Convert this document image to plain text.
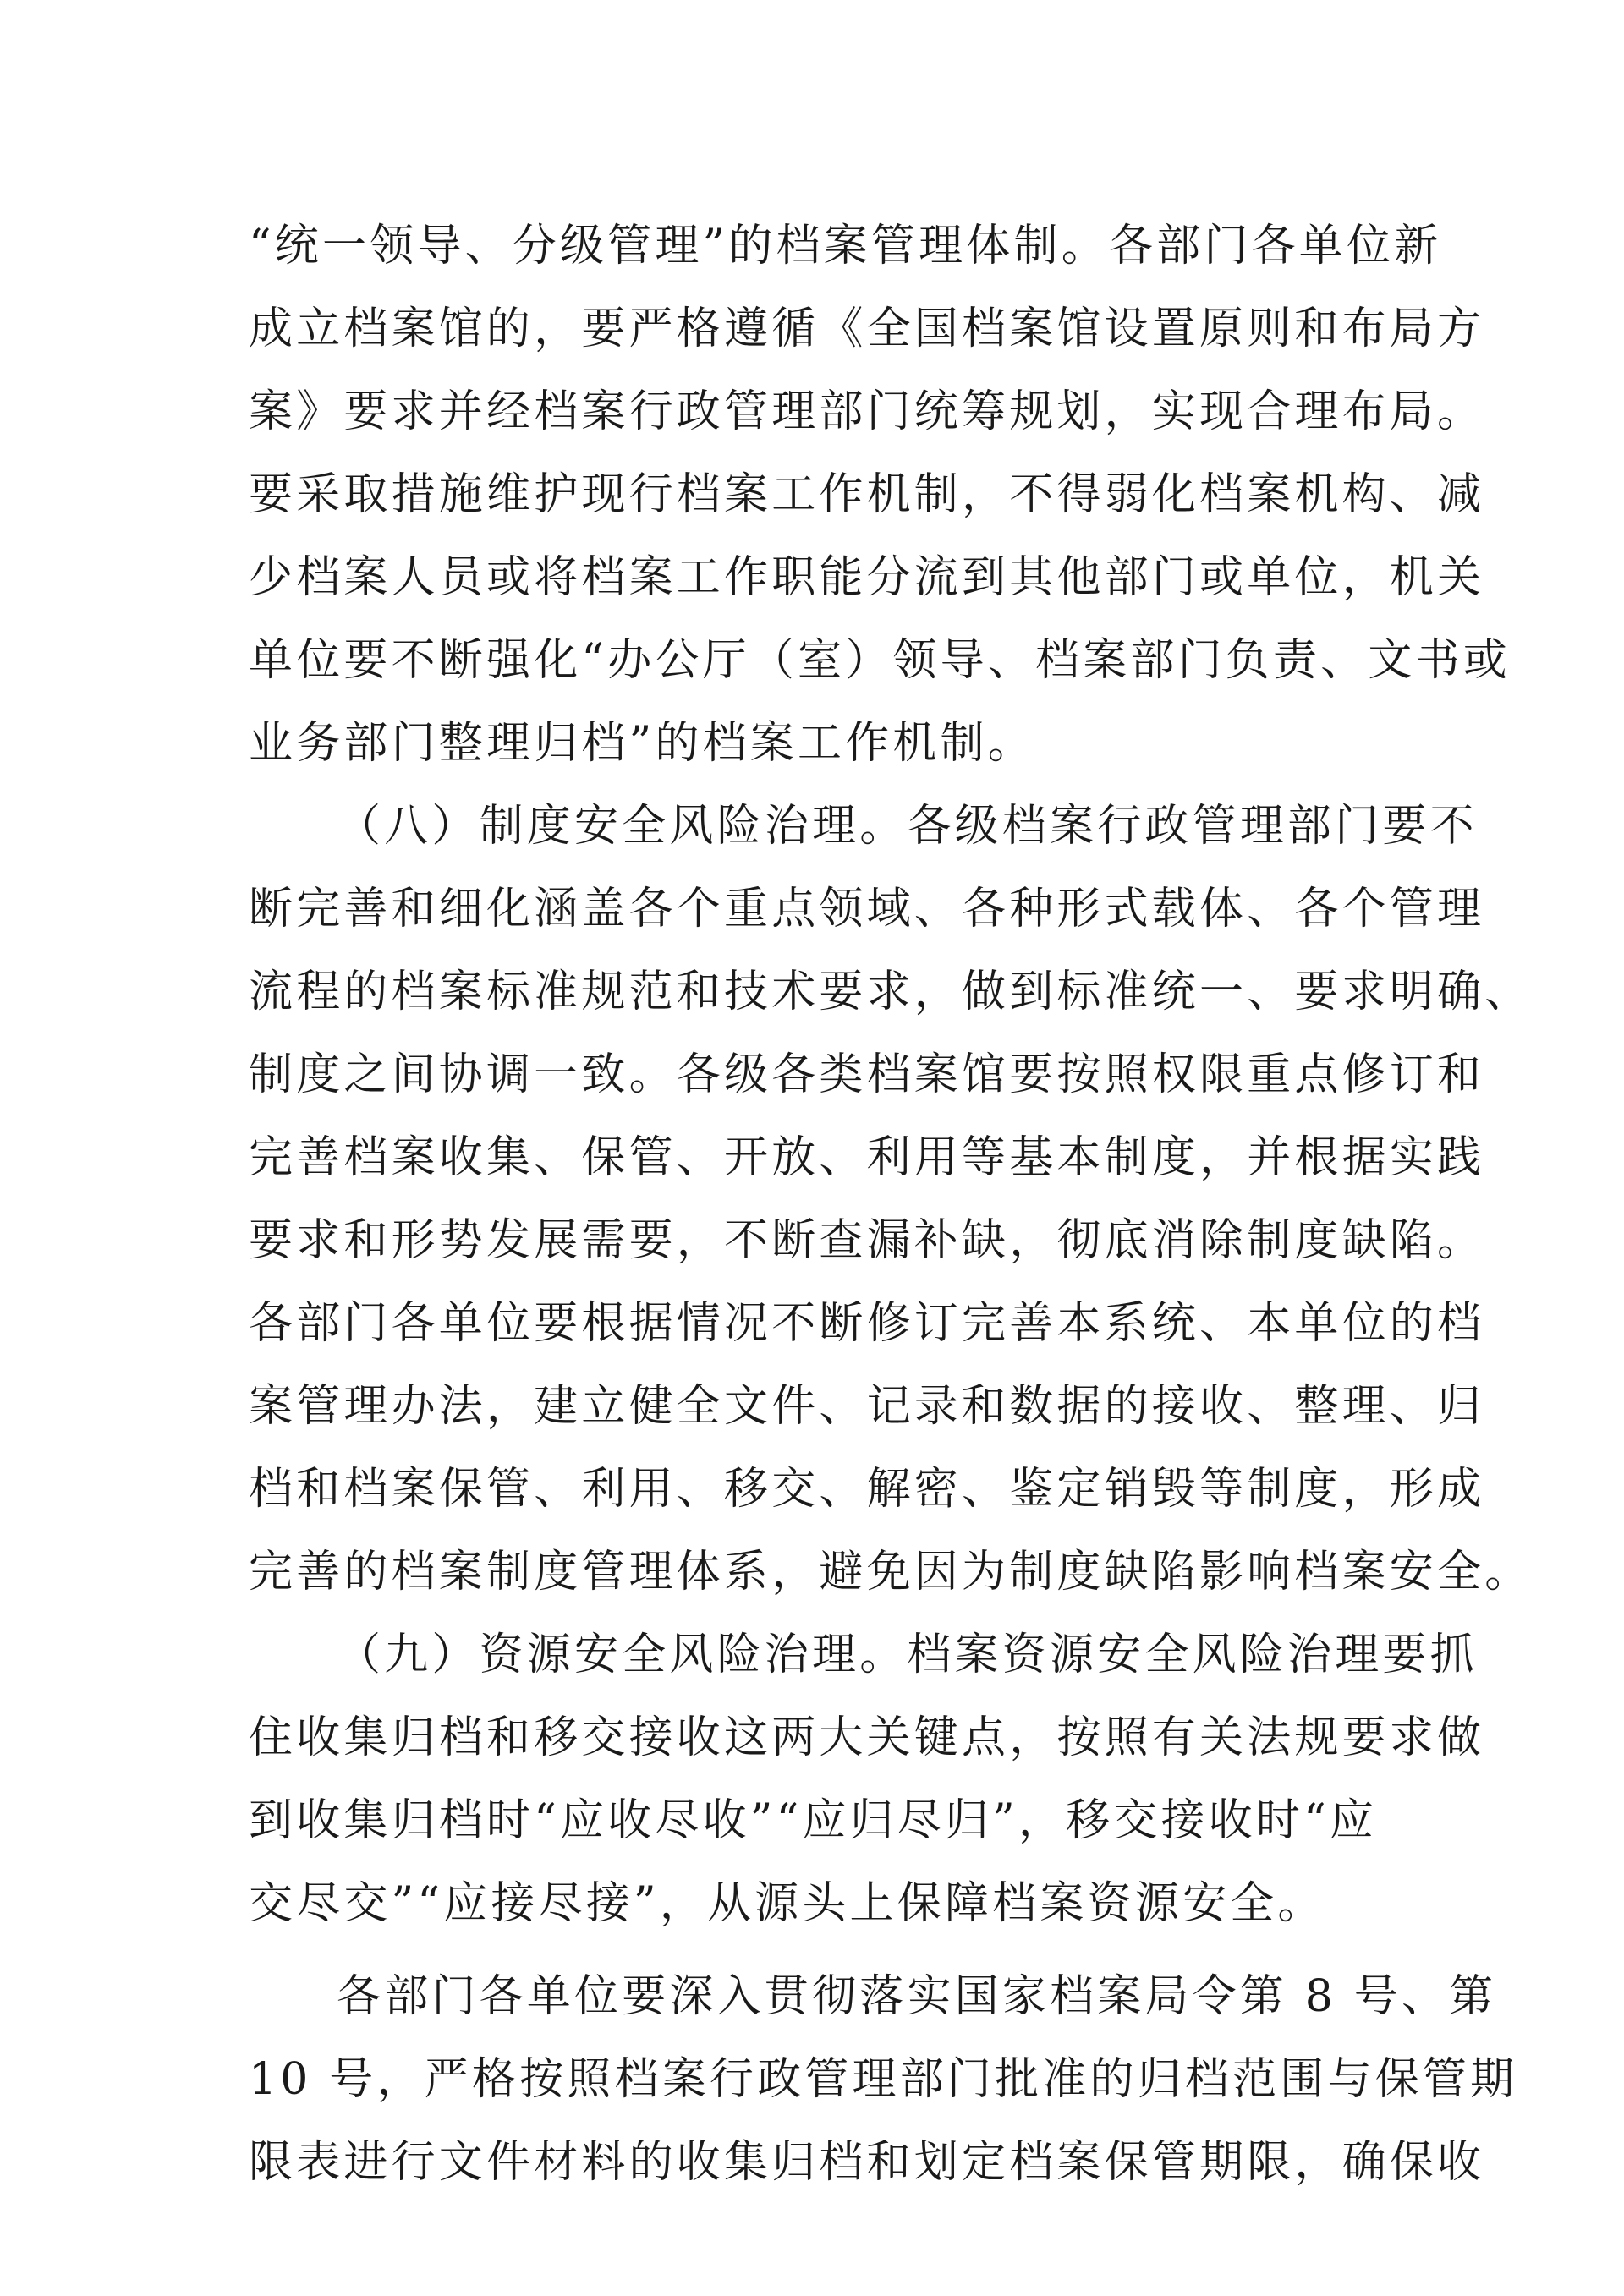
“统一领导、分级管理”的档案管理体制。各部门各单位新
成立档案馆的，要严格遵循《全国档案馆设置原则和布局方
案》要求并经档案行政管理部门统筹规划，实现合理布局。
要采取措施维护现行档案工作机制，不得弱化档案机构、减
少档案人员或将档案工作职能分流到其他部门或单位，机关
单位要不断强化“办公厅（室）领导、档案部门负责、文书或
业务部门整理归档”的档案工作机制。
（八）制度安全风险治理。各级档案行政管理部门要不
断完善和细化涵盖各个重点领域、各种形式载体、各个管理
流程的档案标准规范和技术要求，做到标准统一、要求明确、
制度之间协调一致。各级各类档案馆要按照权限重点修订和
完善档案收集、保管、开放、利用等基本制度，并根据实践
要求和形势发展需要，不断查漏补缺，彻底消除制度缺陷。
各部门各单位要根据情况不断修订完善本系统、本单位的档
案管理办法，建立健全文件、记录和数据的接收、整理、归
档和档案保管、利用、移交、解密、鉴定销毁等制度，形成
完善的档案制度管理体系，避免因为制度缺陷影响档案安全。
（九）资源安全风险治理。档案资源安全风险治理要抓
住收集归档和移交接收这两大关键点，按照有关法规要求做
到收集归档时“应收尽收”“应归尽归”，移交接收时“应
交尽交”“应接尽接”，从源头上保障档案资源安全。
各部门各单位要深入贯彻落实国家档案局令第 8 号、第
10 号，严格按照档案行政管理部门批准的归档范围与保管期
限表进行文件材料的收集归档和划定档案保管期限，确保收
